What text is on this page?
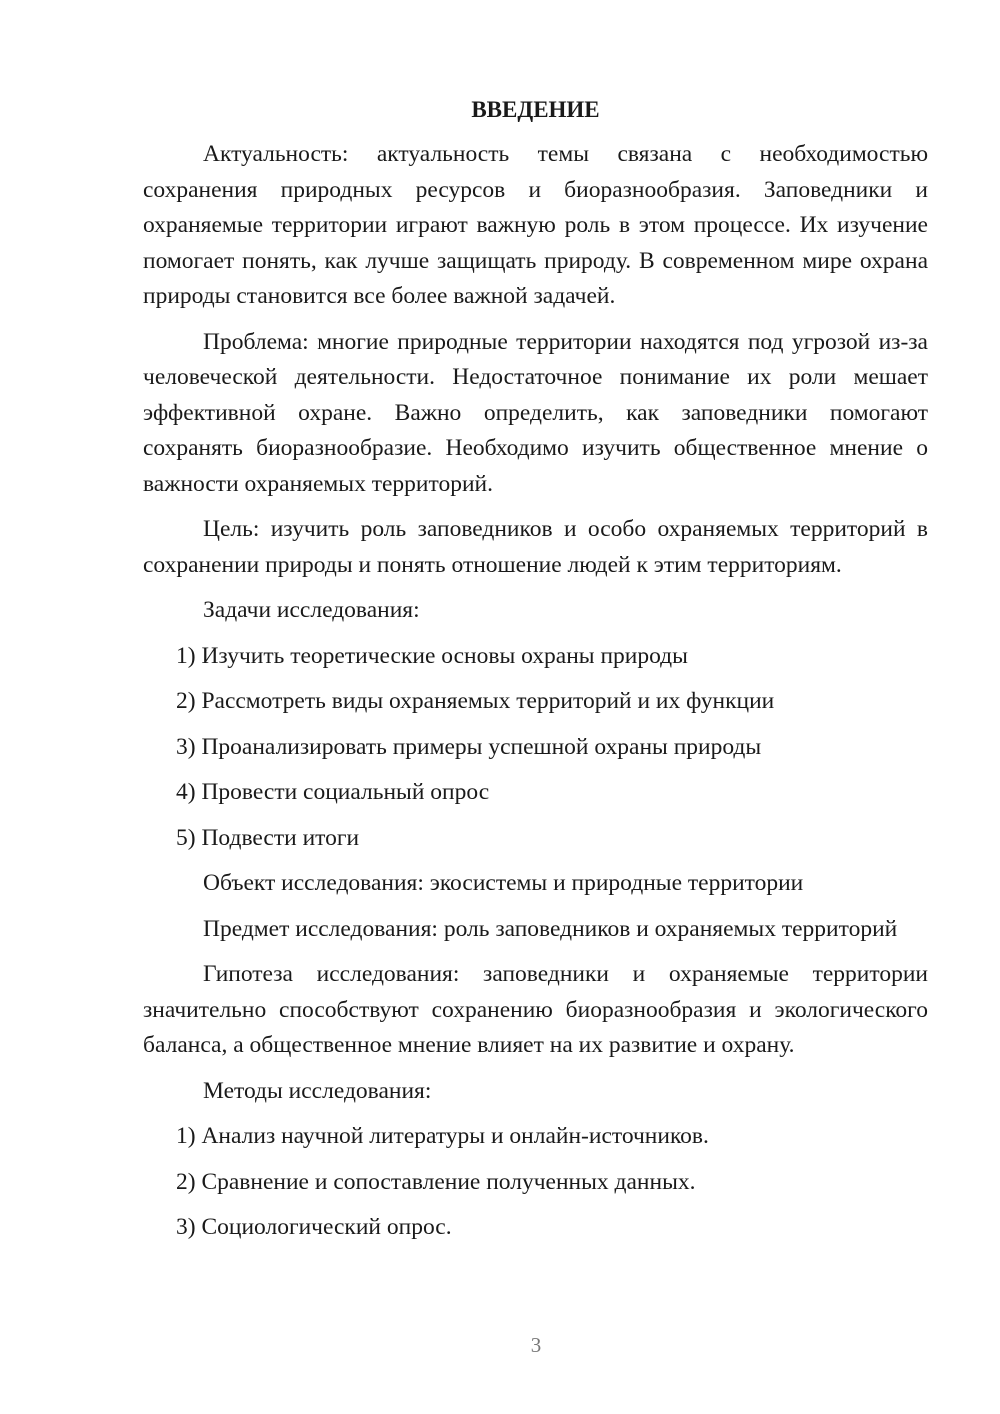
ВВЕДЕНИЕ

Актуальность: актуальность темы связана с необходимостью сохранения природных ресурсов и биоразнообразия. Заповедники и охраняемые территории играют важную роль в этом процессе. Их изучение помогает понять, как лучше защищать природу. В современном мире охрана природы становится все более важной задачей.

Проблема: многие природные территории находятся под угрозой из-за человеческой деятельности. Недостаточное понимание их роли мешает эффективной охране. Важно определить, как заповедники помогают сохранять биоразнообразие. Необходимо изучить общественное мнение о важности охраняемых территорий.

Цель: изучить роль заповедников и особо охраняемых территорий в сохранении природы и понять отношение людей к этим территориям.

Задачи исследования:

1) Изучить теоретические основы охраны природы

2) Рассмотреть виды охраняемых территорий и их функции

3) Проанализировать примеры успешной охраны природы

4) Провести социальный опрос

5) Подвести итоги

Объект исследования: экосистемы и природные территории

Предмет исследования: роль заповедников и охраняемых территорий

Гипотеза исследования: заповедники и охраняемые территории значительно способствуют сохранению биоразнообразия и экологического баланса, а общественное мнение влияет на их развитие и охрану.

Методы исследования:

1) Анализ научной литературы и онлайн-источников.

2) Сравнение и сопоставление полученных данных.

3) Социологический опрос.

3
